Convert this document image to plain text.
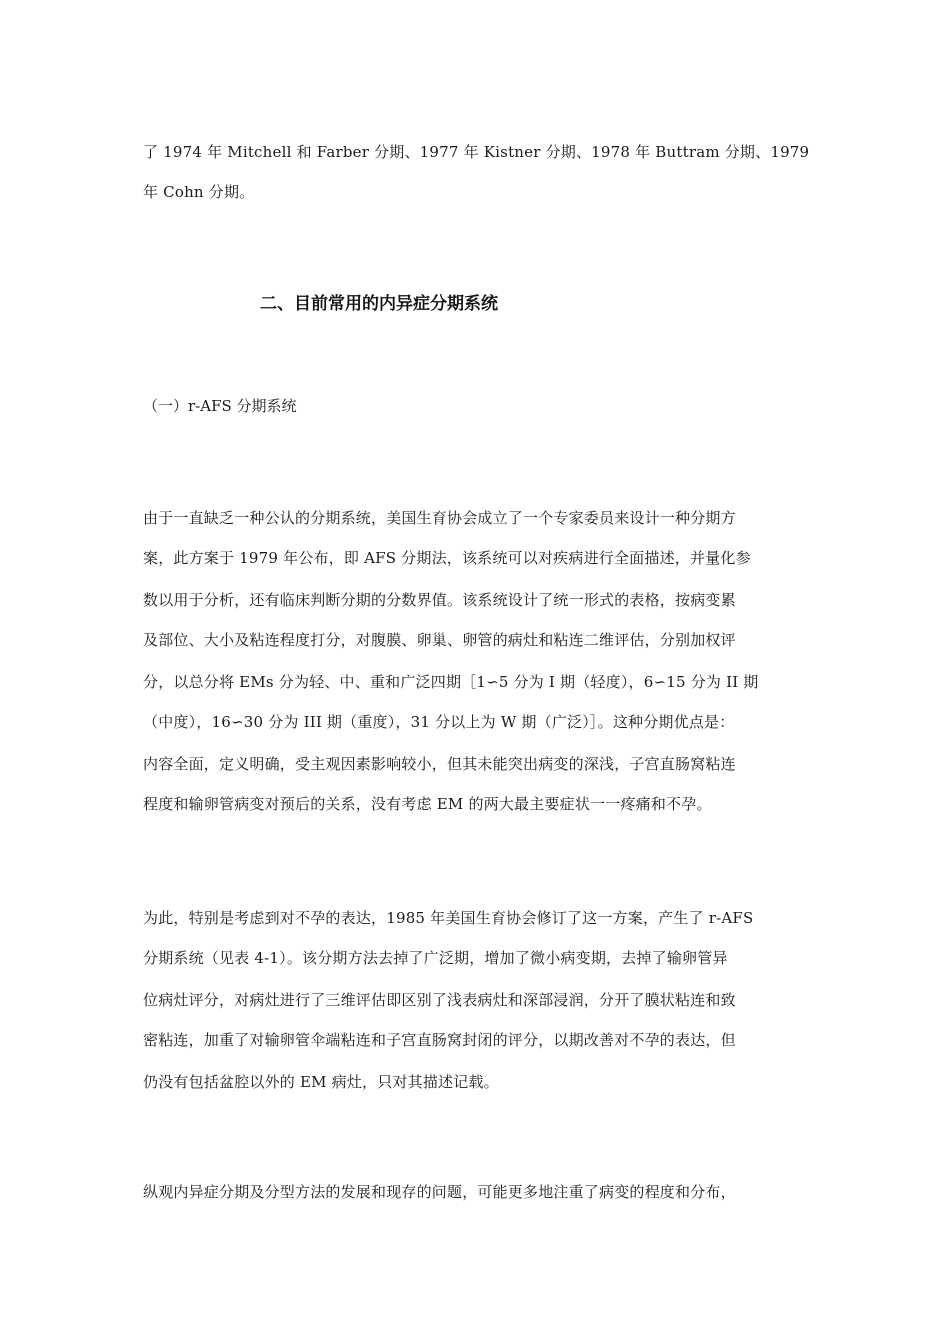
了 1974 年 Mitchell 和 Farber 分期、1977 年 Kistner 分期、1978 年 Buttram 分期、1979
年 Cohn 分期。
二、目前常用的内异症分期系统
（一）r-AFS 分期系统
由于一直缺乏一种公认的分期系统，美国生育协会成立了一个专家委员来设计一种分期方
案，此方案于 1979 年公布，即 AFS 分期法，该系统可以对疾病进行全面描述，并量化参
数以用于分析，还有临床判断分期的分数界值。该系统设计了统一形式的表格，按病变累
及部位、大小及粘连程度打分，对腹膜、卵巢、卵管的病灶和粘连二维评估，分别加权评
分，以总分将 EMs 分为轻、中、重和广泛四期［1∽5 分为 I 期（轻度），6∽15 分为 II 期
（中度），16∽30 分为 III 期（重度），31 分以上为 W 期（广泛）］。这种分期优点是：
内容全面，定义明确，受主观因素影响较小，但其未能突出病变的深浅，子宫直肠窝粘连
程度和输卵管病变对预后的关系，没有考虑 EM 的两大最主要症状一一疼痛和不孕。
为此，特别是考虑到对不孕的表达，1985 年美国生育协会修订了这一方案，产生了 r-AFS
分期系统（见表 4-1）。该分期方法去掉了广泛期，增加了微小病变期，去掉了输卵管异
位病灶评分，对病灶进行了三维评估即区别了浅表病灶和深部浸润，分开了膜状粘连和致
密粘连，加重了对输卵管伞端粘连和子宫直肠窝封闭的评分，以期改善对不孕的表达，但
仍没有包括盆腔以外的 EM 病灶，只对其描述记载。
纵观内异症分期及分型方法的发展和现存的问题，可能更多地注重了病变的程度和分布，
